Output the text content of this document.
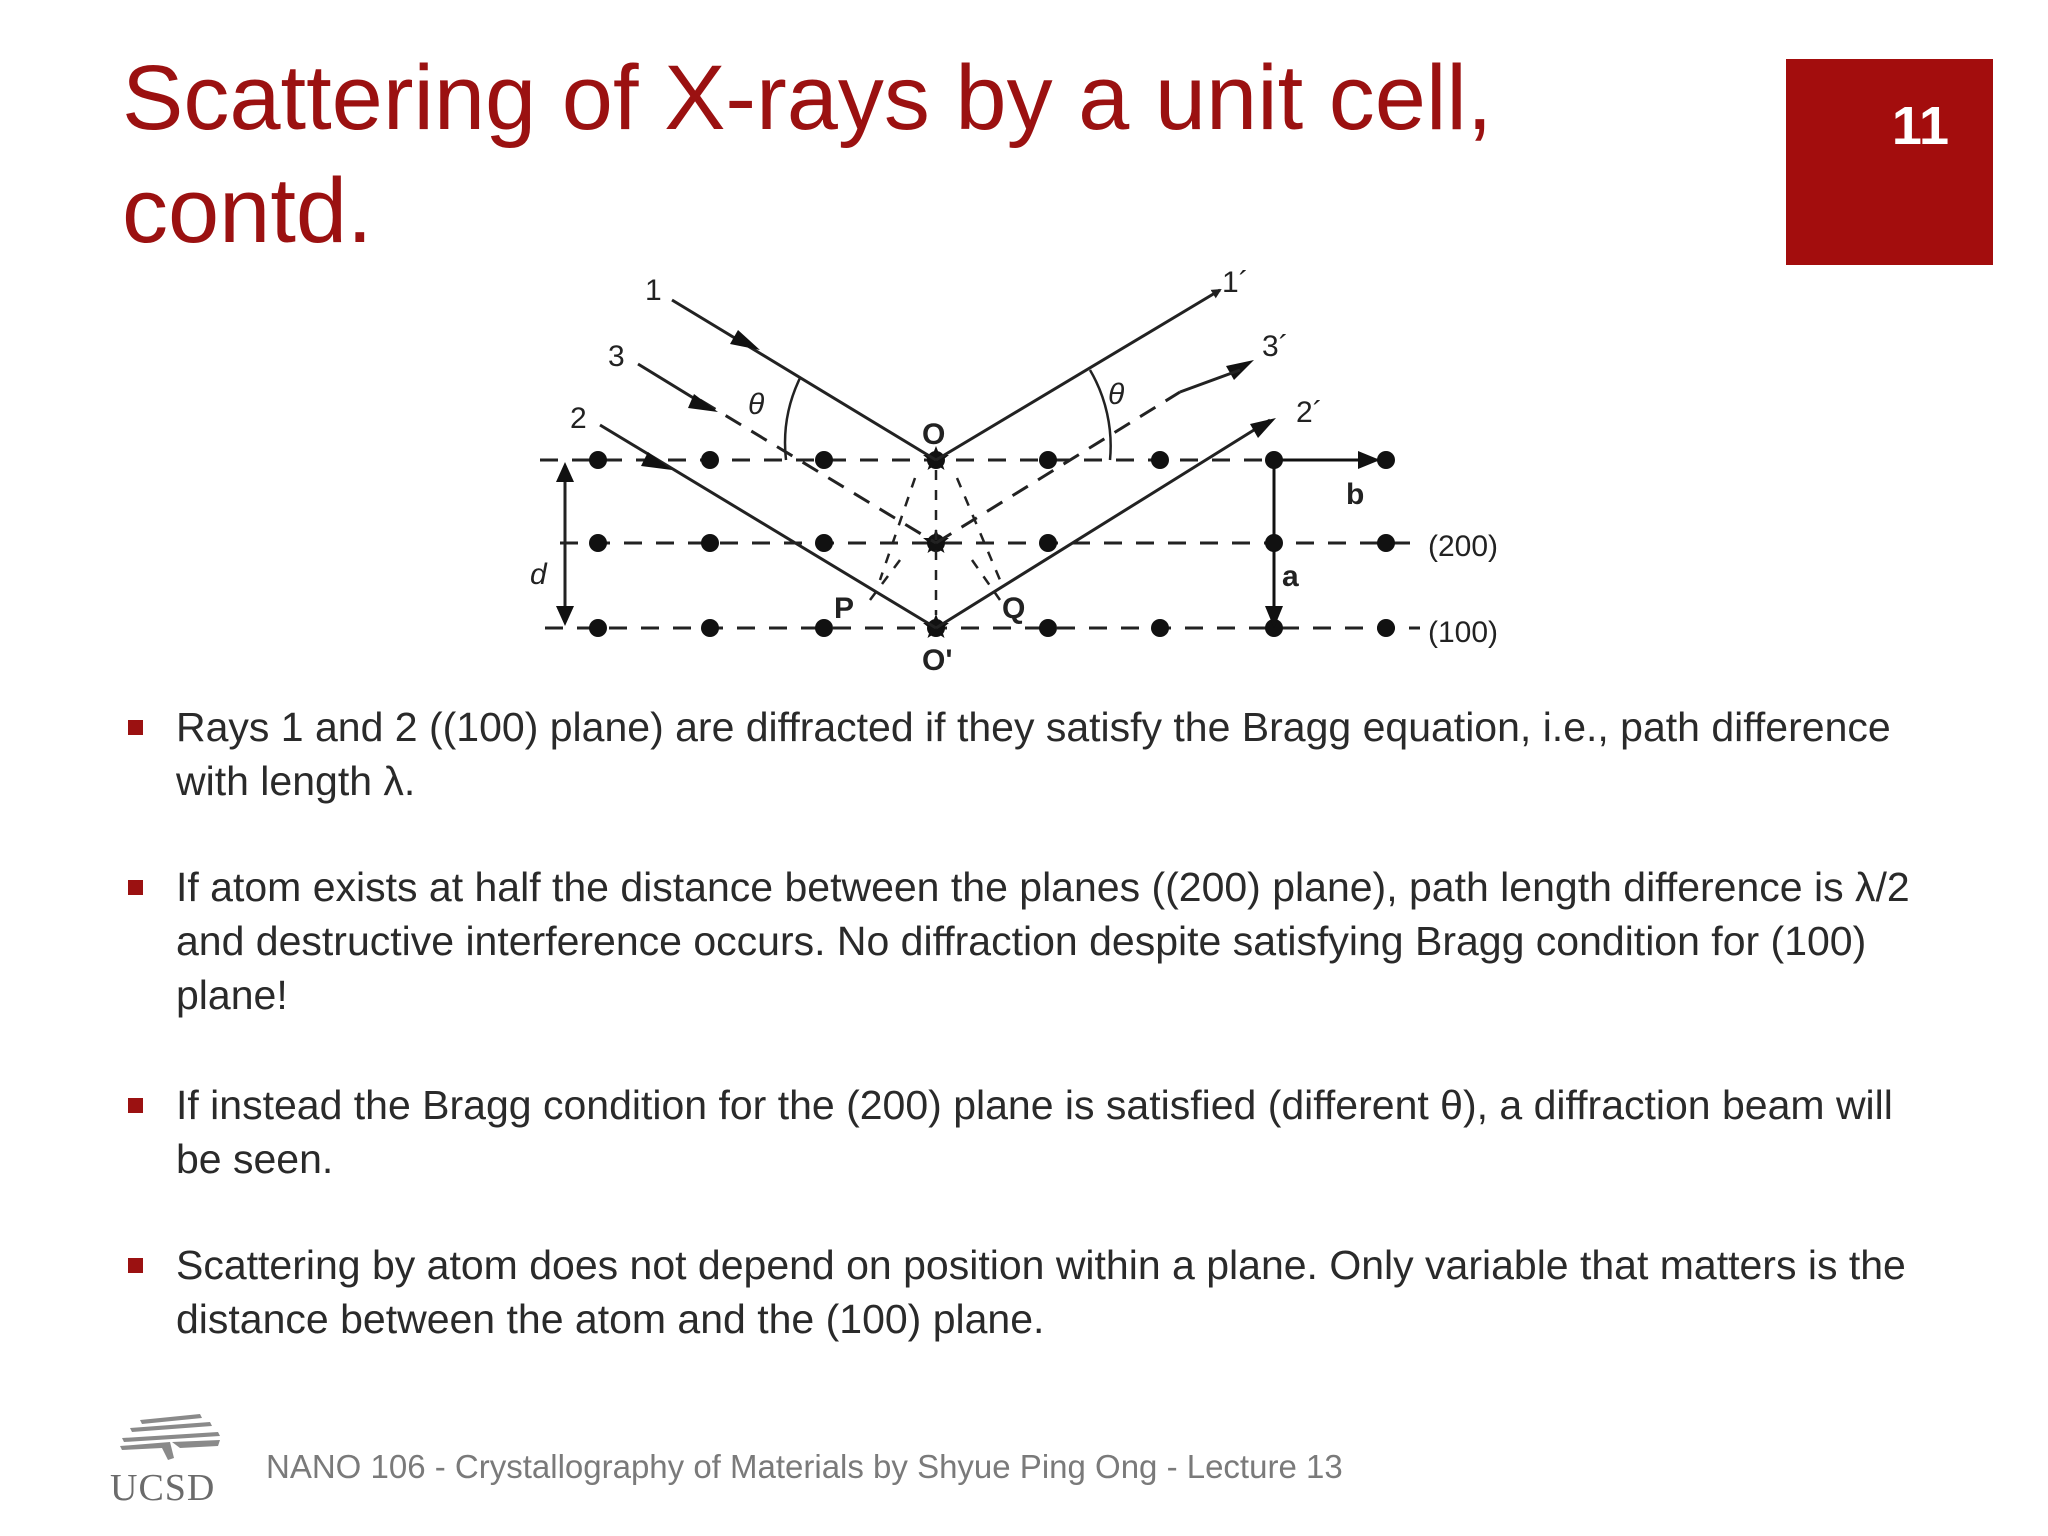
Scattering of X-rays by a unit cell,
contd.
11
1
3
2
1´
3´
2´
θ	θ
O
O'
P	Q
d	a
b
(200)
(100)
Rays 1 and 2 ((100) plane) are diffracted if they satisfy the Bragg equation, i.e., path difference with length λ.
If atom exists at half the distance between the planes ((200) plane), path length difference is λ/2 and destructive interference occurs. No diffraction despite satisfying Bragg condition for (100) plane!
If instead the Bragg condition for the (200) plane is satisfied (different θ), a diffraction beam will be seen.
Scattering by atom does not depend on position within a plane. Only variable that matters is the distance between the atom and the (100) plane.
UCSD
NANO 106 - Crystallography of Materials by Shyue Ping Ong - Lecture 13
